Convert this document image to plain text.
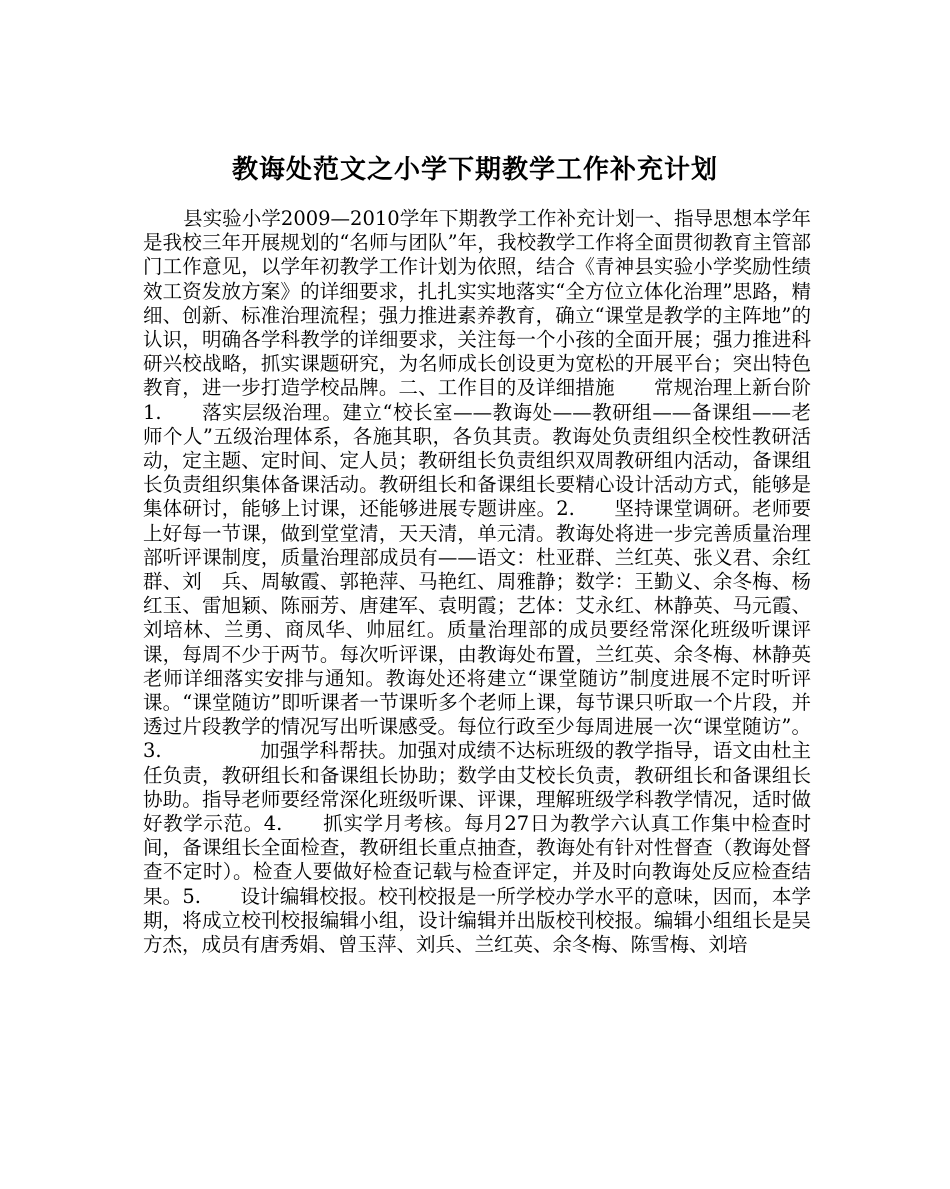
教诲处范文之小学下期教学工作补充计划

县实验小学2009—2010学年下期教学工作补充计划一、指导思想本学年是我校三年开展规划的“名师与团队”年，我校教学工作将全面贯彻教育主管部门工作意见，以学年初教学工作计划为依照，结合《青神县实验小学奖励性绩效工资发放方案》的详细要求，扎扎实实地落实“全方位立体化治理”思路，精细、创新、标准治理流程；强力推进素养教育，确立“课堂是教学的主阵地”的认识，明确各学科教学的详细要求，关注每一个小孩的全面开展；强力推进科研兴校战略，抓实课题研究，为名师成长创设更为宽松的开展平台；突出特色教育，进一步打造学校品牌。二、工作目的及详细措施　　常规治理上新台阶1.　　落实层级治理。建立“校长室——教诲处——教研组——备课组——老师个人”五级治理体系，各施其职，各负其责。教诲处负责组织全校性教研活动，定主题、定时间、定人员；教研组长负责组织双周教研组内活动，备课组长负责组织集体备课活动。教研组长和备课组长要精心设计活动方式，能够是集体研讨，能够上讨课，还能够进展专题讲座。2.　　坚持课堂调研。老师要上好每一节课，做到堂堂清，天天清，单元清。教诲处将进一步完善质量治理部听评课制度，质量治理部成员有——语文：杜亚群、兰红英、张义君、余红群、刘　兵、周敏霞、郭艳萍、马艳红、周雅静；数学：王勤义、余冬梅、杨红玉、雷旭颖、陈丽芳、唐建军、袁明霞；艺体：艾永红、林静英、马元霞、刘培林、兰勇、商凤华、帅屈红。质量治理部的成员要经常深化班级听课评课，每周不少于两节。每次听评课，由教诲处布置，兰红英、余冬梅、林静英老师详细落实安排与通知。教诲处还将建立“课堂随访”制度进展不定时听评课。“课堂随访”即听课者一节课听多个老师上课，每节课只听取一个片段，并透过片段教学的情况写出听课感受。每位行政至少每周进展一次“课堂随访”。3.　　　　　加强学科帮扶。加强对成绩不达标班级的教学指导，语文由杜主任负责，教研组长和备课组长协助；数学由艾校长负责，教研组长和备课组长协助。指导老师要经常深化班级听课、评课，理解班级学科教学情况，适时做好教学示范。4.　　抓实学月考核。每月27日为教学六认真工作集中检查时间，备课组长全面检查，教研组长重点抽查，教诲处有针对性督查（教诲处督查不定时）。检查人要做好检查记载与检查评定，并及时向教诲处反应检查结果。5.　　设计编辑校报。校刊校报是一所学校办学水平的意味，因而，本学期，将成立校刊校报编辑小组，设计编辑并出版校刊校报。编辑小组组长是吴方杰，成员有唐秀娟、曾玉萍、刘兵、兰红英、余冬梅、陈雪梅、刘培
